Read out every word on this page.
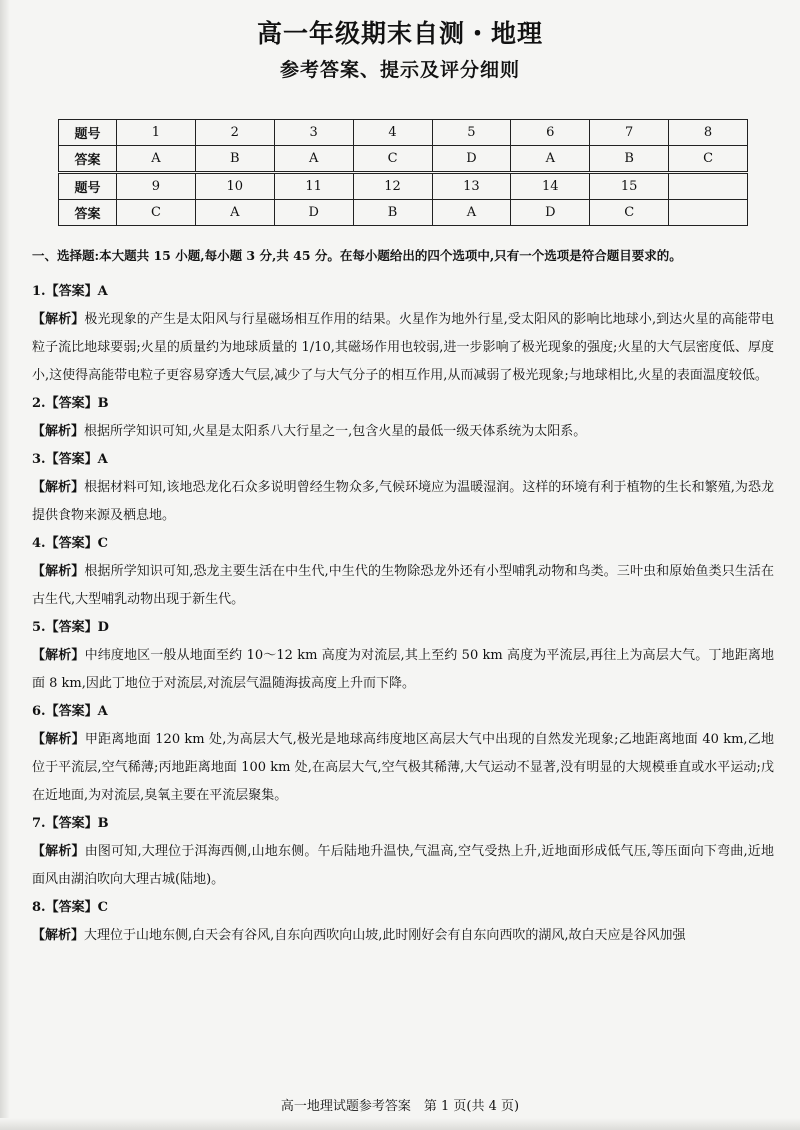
高一年级期末自测・地理
参考答案、提示及评分细则
题号	1	2	3	4	5	6	7	8
答案	A	B	A	C	D	A	B	C
题号	9	10	11	12	13	14	15	
答案	C	A	D	B	A	D	C	
一、选择题:本大题共 15 小题,每小题 3 分,共 45 分。在每小题给出的四个选项中,只有一个选项是符合题目要求的。

1.【答案】A

【解析】极光现象的产生是太阳风与行星磁场相互作用的结果。火星作为地外行星,受太阳风的影响比地球小,到达火星的高能带电粒子流比地球要弱;火星的质量约为地球质量的 1/10,其磁场作用也较弱,进一步影响了极光现象的强度;火星的大气层密度低、厚度小,这使得高能带电粒子更容易穿透大气层,减少了与大气分子的相互作用,从而减弱了极光现象;与地球相比,火星的表面温度较低。

2.【答案】B

【解析】根据所学知识可知,火星是太阳系八大行星之一,包含火星的最低一级天体系统为太阳系。

3.【答案】A

【解析】根据材料可知,该地恐龙化石众多说明曾经生物众多,气候环境应为温暖湿润。这样的环境有利于植物的生长和繁殖,为恐龙提供食物来源及栖息地。

4.【答案】C

【解析】根据所学知识可知,恐龙主要生活在中生代,中生代的生物除恐龙外还有小型哺乳动物和鸟类。三叶虫和原始鱼类只生活在古生代,大型哺乳动物出现于新生代。

5.【答案】D

【解析】中纬度地区一般从地面至约 10～12 km 高度为对流层,其上至约 50 km 高度为平流层,再往上为高层大气。丁地距离地面 8 km,因此丁地位于对流层,对流层气温随海拔高度上升而下降。

6.【答案】A

【解析】甲距离地面 120 km 处,为高层大气,极光是地球高纬度地区高层大气中出现的自然发光现象;乙地距离地面 40 km,乙地位于平流层,空气稀薄;丙地距离地面 100 km 处,在高层大气,空气极其稀薄,大气运动不显著,没有明显的大规模垂直或水平运动;戊在近地面,为对流层,臭氧主要在平流层聚集。

7.【答案】B

【解析】由图可知,大理位于洱海西侧,山地东侧。午后陆地升温快,气温高,空气受热上升,近地面形成低气压,等压面向下弯曲,近地面风由湖泊吹向大理古城(陆地)。

8.【答案】C

【解析】大理位于山地东侧,白天会有谷风,自东向西吹向山坡,此时刚好会有自东向西吹的湖风,故白天应是谷风加强

高一地理试题参考答案　第 1 页(共 4 页)
